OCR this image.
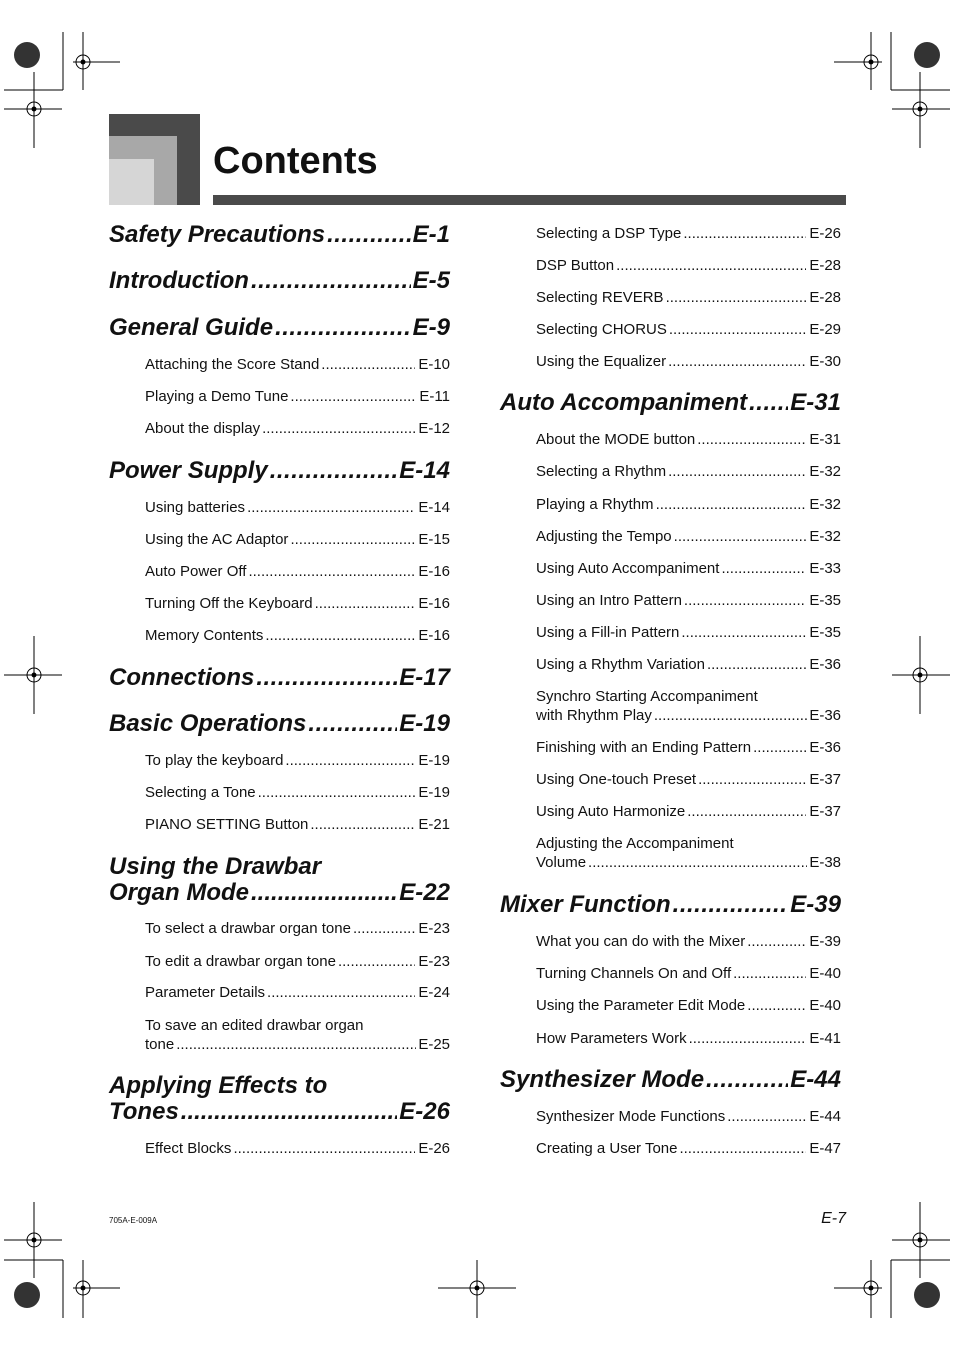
Contents
Safety Precautions .....	E-1
Introduction .....	E-5
General Guide .....	E-9
Attaching the Score Stand .....	E-10
Playing a Demo Tune .....	E-11
About the display .....	E-12
Power Supply .....	E-14
Using batteries .....	E-14
Using the AC Adaptor .....	E-15
Auto Power Off .....	E-16
Turning Off the Keyboard .....	E-16
Memory Contents .....	E-16
Connections .....	E-17
Basic Operations .....	E-19
To play the keyboard .....	E-19
Selecting a Tone .....	E-19
PIANO SETTING Button .....	E-21
Using the Drawbar
Organ Mode .....	E-22
To select a drawbar organ tone .....	E-23
To edit a drawbar organ tone .....	E-23
Parameter Details .....	E-24
To save an edited drawbar organ
tone .....	E-25
Applying Effects to
Tones .....	E-26
Effect Blocks .....	E-26
Selecting a DSP Type .....	E-26
DSP Button .....	E-28
Selecting REVERB .....	E-28
Selecting CHORUS .....	E-29
Using the Equalizer .....	E-30
Auto Accompaniment ..... E-31
About the MODE button .....	E-31
Selecting a Rhythm .....	E-32
Playing a Rhythm .....	E-32
Adjusting the Tempo .....	E-32
Using Auto Accompaniment .....	E-33
Using an Intro Pattern .....	E-35
Using a Fill-in Pattern .....	E-35
Using a Rhythm Variation .....	E-36
Synchro Starting Accompaniment
with Rhythm Play .....	E-36
Finishing with an Ending Pattern .....	E-36
Using One-touch Preset .....	E-37
Using Auto Harmonize .....	E-37
Adjusting the Accompaniment
Volume .....	E-38
Mixer Function .....	E-39
What you can do with the Mixer .....	E-39
Turning Channels On and Off .....	E-40
Using the Parameter Edit Mode .....	E-40
How Parameters Work .....	E-41
Synthesizer Mode .....	E-44
Synthesizer Mode Functions .....	E-44
Creating a User Tone .....	E-47
705A-E-009A	E-7
